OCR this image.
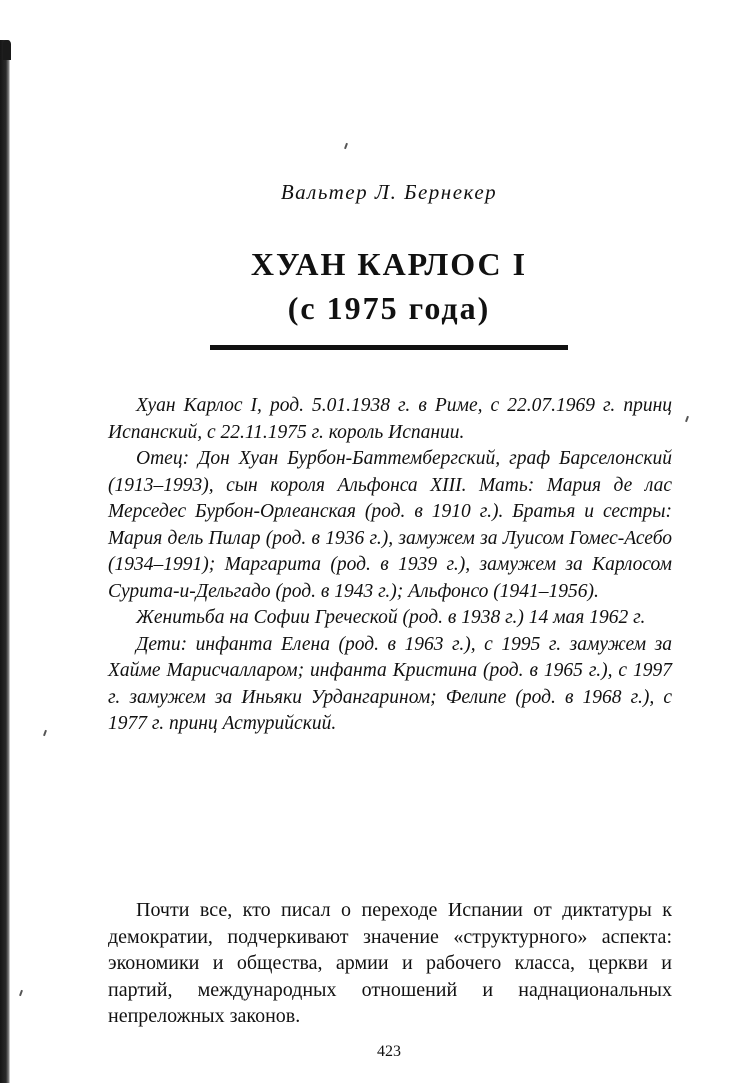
Вальтер Л. Бернекер
ХУАН КАРЛОС I
(с 1975 года)

Хуан Карлос I, род. 5.01.1938 г. в Риме, с 22.07.1969 г. принц Испанский, с 22.11.1975 г. король Испании.

Отец: Дон Хуан Бурбон-Баттембергский, граф Барселонский (1913–1993), сын короля Альфонса XIII. Мать: Мария де лас Мерседес Бурбон-Орлеанская (род. в 1910 г.). Братья и сестры: Мария дель Пилар (род. в 1936 г.), замужем за Луисом Гомес-Асебо (1934–1991); Маргарита (род. в 1939 г.), замужем за Карлосом Сурита-и-Дельгадо (род. в 1943 г.); Альфонсо (1941–1956).

Женитьба на Софии Греческой (род. в 1938 г.) 14 мая 1962 г.

Дети: инфанта Елена (род. в 1963 г.), с 1995 г. замужем за Хайме Мариcчалларом; инфанта Кристина (род. в 1965 г.), с 1997 г. замужем за Иньяки Урдангарином; Фелипе (род. в 1968 г.), с 1977 г. принц Астурийский.

Почти все, кто писал о переходе Испании от диктатуры к демократии, подчеркивают значение «структурного» аспекта: экономики и общества, армии и рабочего класса, церкви и партий, международных отношений и наднациональных непреложных законов.

423
